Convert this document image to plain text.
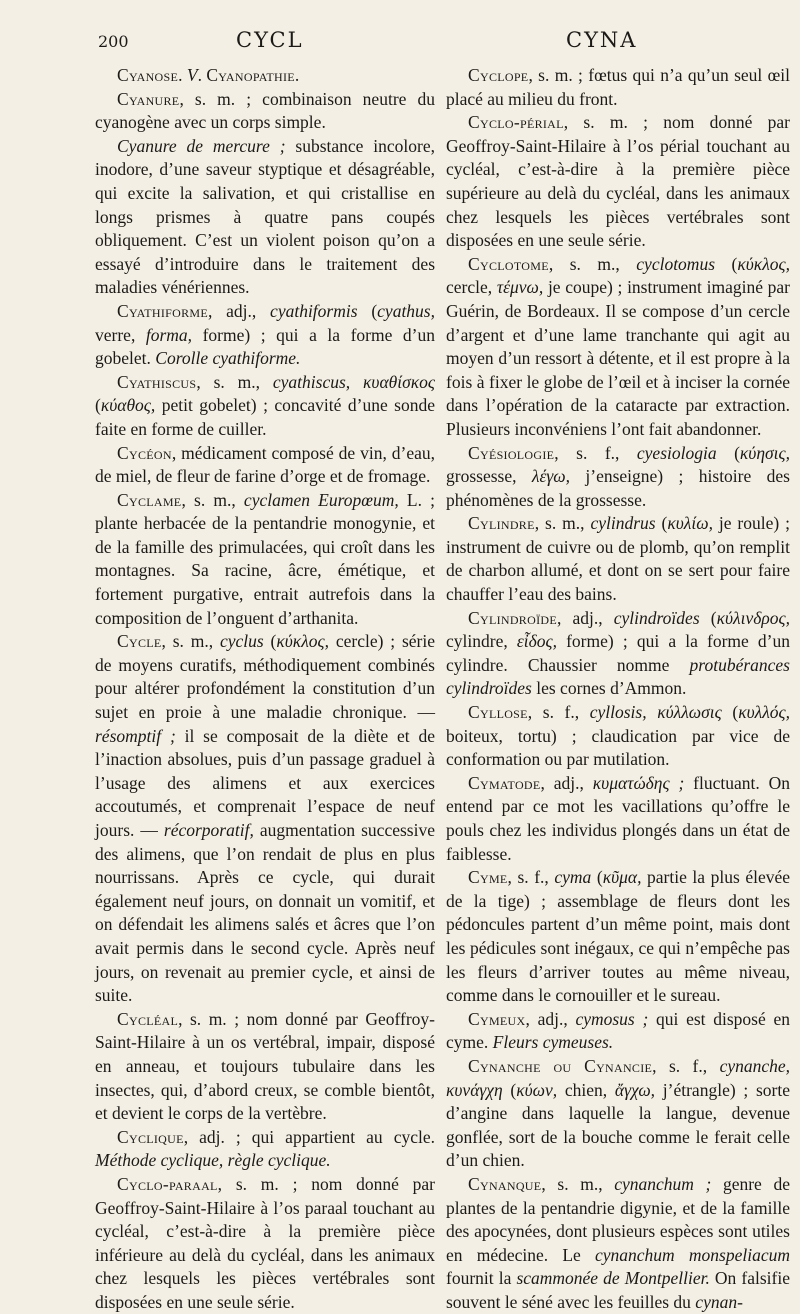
200	CYCL	CYNA

Cyanose. V. Cyanopathie.

Cyanure, s. m. ; combinaison neutre du cyanogène avec un corps simple.

Cyanure de mercure ; substance incolore, inodore, d’une saveur styptique et désagréable, qui excite la salivation, et qui cristallise en longs prismes à quatre pans coupés obliquement. C’est un violent poison qu’on a essayé d’introduire dans le traitement des maladies vénériennes.

Cyathiforme, adj., cyathiformis (cyathus, verre, forma, forme) ; qui a la forme d’un gobelet. Corolle cyathiforme.

Cyathiscus, s. m., cyathiscus, κυαθίσκος (κύαθος, petit gobelet) ; concavité d’une sonde faite en forme de cuiller.

Cycéon, médicament composé de vin, d’eau, de miel, de fleur de farine d’orge et de fromage.

Cyclame, s. m., cyclamen Europœum, L. ; plante herbacée de la pentandrie monogynie, et de la famille des primulacées, qui croît dans les montagnes. Sa racine, âcre, émétique, et fortement purgative, entrait autrefois dans la composition de l’onguent d’arthanita.

Cycle, s. m., cyclus (κύκλος, cercle) ; série de moyens curatifs, méthodiquement combinés pour altérer profondément la constitution d’un sujet en proie à une maladie chronique. — résomptif ; il se composait de la diète et de l’inaction absolues, puis d’un passage graduel à l’usage des alimens et aux exercices accoutumés, et comprenait l’espace de neuf jours. — récorporatif, augmentation successive des alimens, que l’on rendait de plus en plus nourrissans. Après ce cycle, qui durait également neuf jours, on donnait un vomitif, et on défendait les alimens salés et âcres que l’on avait permis dans le second cycle. Après neuf jours, on revenait au premier cycle, et ainsi de suite.

Cycléal, s. m. ; nom donné par Geoffroy-Saint-Hilaire à un os vertébral, impair, disposé en anneau, et toujours tubulaire dans les insectes, qui, d’abord creux, se comble bientôt, et devient le corps de la vertèbre.

Cyclique, adj. ; qui appartient au cycle. Méthode cyclique, règle cyclique.

Cyclo-paraal, s. m. ; nom donné par Geoffroy-Saint-Hilaire à l’os paraal touchant au cycléal, c’est-à-dire à la première pièce inférieure au delà du cycléal, dans les animaux chez lesquels les pièces vertébrales sont disposées en une seule série.

Cyclope, s. m. ; fœtus qui n’a qu’un seul œil placé au milieu du front.

Cyclo-périal, s. m. ; nom donné par Geoffroy-Saint-Hilaire à l’os périal touchant au cycléal, c’est-à-dire à la première pièce supérieure au delà du cycléal, dans les animaux chez lesquels les pièces vertébrales sont disposées en une seule série.

Cyclotome, s. m., cyclotomus (κύκλος, cercle, τέμνω, je coupe) ; instrument imaginé par Guérin, de Bordeaux. Il se compose d’un cercle d’argent et d’une lame tranchante qui agit au moyen d’un ressort à détente, et il est propre à la fois à fixer le globe de l’œil et à inciser la cornée dans l’opération de la cataracte par extraction. Plusieurs inconvéniens l’ont fait abandonner.

Cyésiologie, s. f., cyesiologia (κύησις, grossesse, λέγω, j’enseigne) ; histoire des phénomènes de la grossesse.

Cylindre, s. m., cylindrus (κυλίω, je roule) ; instrument de cuivre ou de plomb, qu’on remplit de charbon allumé, et dont on se sert pour faire chauffer l’eau des bains.

Cylindroïde, adj., cylindroïdes (κύλινδρος, cylindre, εἶδος, forme) ; qui a la forme d’un cylindre. Chaussier nomme protubérances cylindroïdes les cornes d’Ammon.

Cyllose, s. f., cyllosis, κύλλωσις (κυλλός, boiteux, tortu) ; claudication par vice de conformation ou par mutilation.

Cymatode, adj., κυματώδης ; fluctuant. On entend par ce mot les vacillations qu’offre le pouls chez les individus plongés dans un état de faiblesse.

Cyme, s. f., cyma (κῦμα, partie la plus élevée de la tige) ; assemblage de fleurs dont les pédoncules partent d’un même point, mais dont les pédicules sont inégaux, ce qui n’empêche pas les fleurs d’arriver toutes au même niveau, comme dans le cornouiller et le sureau.

Cymeux, adj., cymosus ; qui est disposé en cyme. Fleurs cymeuses.

Cynanche ou Cynancie, s. f., cynanche, κυνάγχη (κύων, chien, ἄγχω, j’étrangle) ; sorte d’angine dans laquelle la langue, devenue gonflée, sort de la bouche comme le ferait celle d’un chien.

Cynanque, s. m., cynanchum ; genre de plantes de la pentandrie digynie, et de la famille des apocynées, dont plusieurs espèces sont utiles en médecine. Le cynanchum monspeliacum fournit la scammonée de Montpellier. On falsifie souvent le séné avec les feuilles du cynan-
